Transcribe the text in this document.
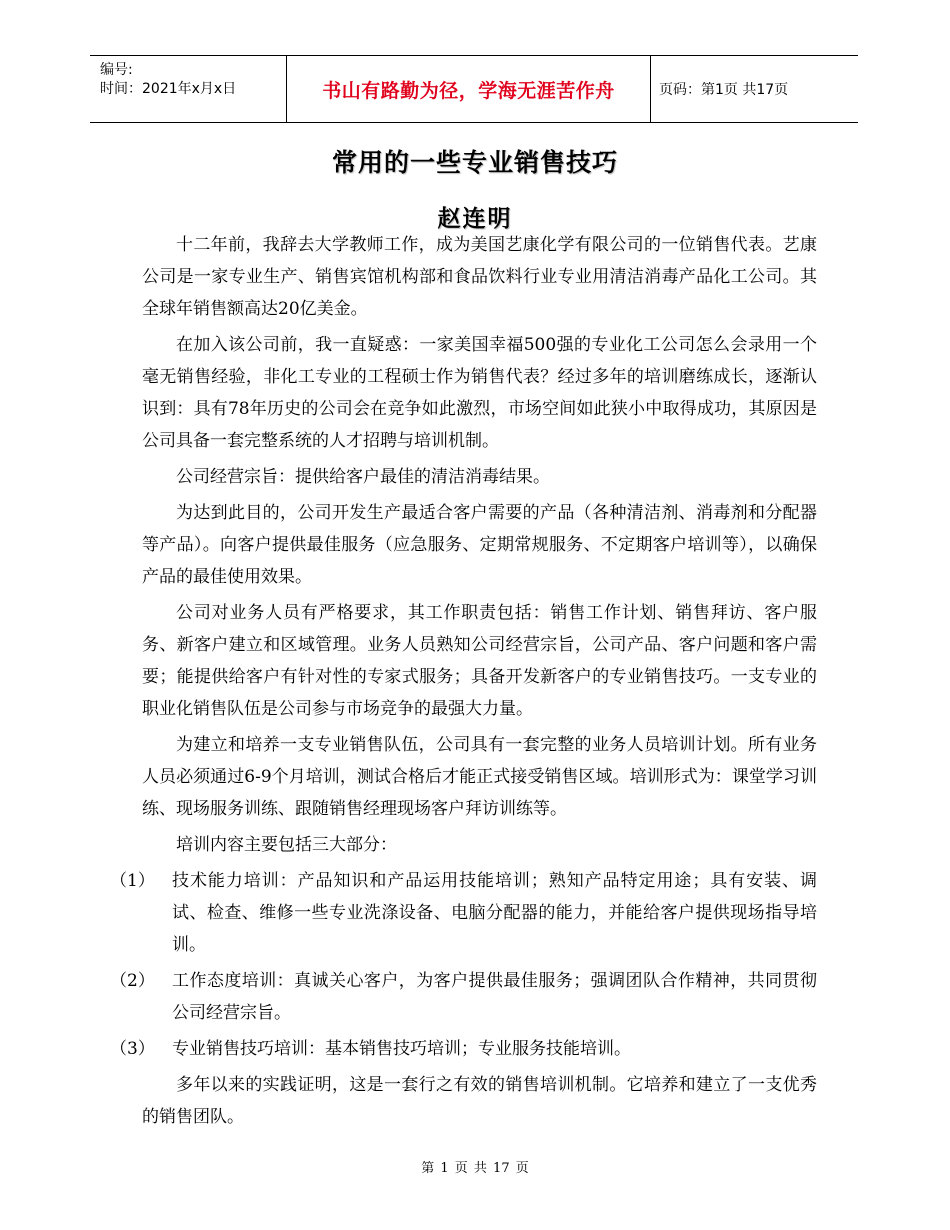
编号:
时间：2021年x月x日	书山有路勤为径，学海无涯苦作舟	页码：第1页 共17页
常用的一些专业销售技巧
赵连明

十二年前，我辞去大学教师工作，成为美国艺康化学有限公司的一位销售代表。艺康公司是一家专业生产、销售宾馆机构部和食品饮料行业专业用清洁消毒产品化工公司。其全球年销售额高达20亿美金。

在加入该公司前，我一直疑惑：一家美国幸福500强的专业化工公司怎么会录用一个毫无销售经验，非化工专业的工程硕士作为销售代表？经过多年的培训磨练成长，逐渐认识到：具有78年历史的公司会在竞争如此激烈，市场空间如此狭小中取得成功，其原因是公司具备一套完整系统的人才招聘与培训机制。

公司经营宗旨：提供给客户最佳的清洁消毒结果。

为达到此目的，公司开发生产最适合客户需要的产品（各种清洁剂、消毒剂和分配器等产品）。向客户提供最佳服务（应急服务、定期常规服务、不定期客户培训等），以确保产品的最佳使用效果。

公司对业务人员有严格要求，其工作职责包括：销售工作计划、销售拜访、客户服务、新客户建立和区域管理。业务人员熟知公司经营宗旨，公司产品、客户问题和客户需要；能提供给客户有针对性的专家式服务；具备开发新客户的专业销售技巧。一支专业的职业化销售队伍是公司参与市场竞争的最强大力量。

为建立和培养一支专业销售队伍，公司具有一套完整的业务人员培训计划。所有业务人员必须通过6-9个月培训，测试合格后才能正式接受销售区域。培训形式为：课堂学习训练、现场服务训练、跟随销售经理现场客户拜访训练等。

培训内容主要包括三大部分：

（1）	技术能力培训：产品知识和产品运用技能培训；熟知产品特定用途；具有安装、调试、检查、维修一些专业洗涤设备、电脑分配器的能力，并能给客户提供现场指导培训。
（2）	工作态度培训：真诚关心客户，为客户提供最佳服务；强调团队合作精神，共同贯彻公司经营宗旨。
（3）	专业销售技巧培训：基本销售技巧培训；专业服务技能培训。

多年以来的实践证明，这是一套行之有效的销售培训机制。它培养和建立了一支优秀的销售团队。

第 1 页 共 17 页
